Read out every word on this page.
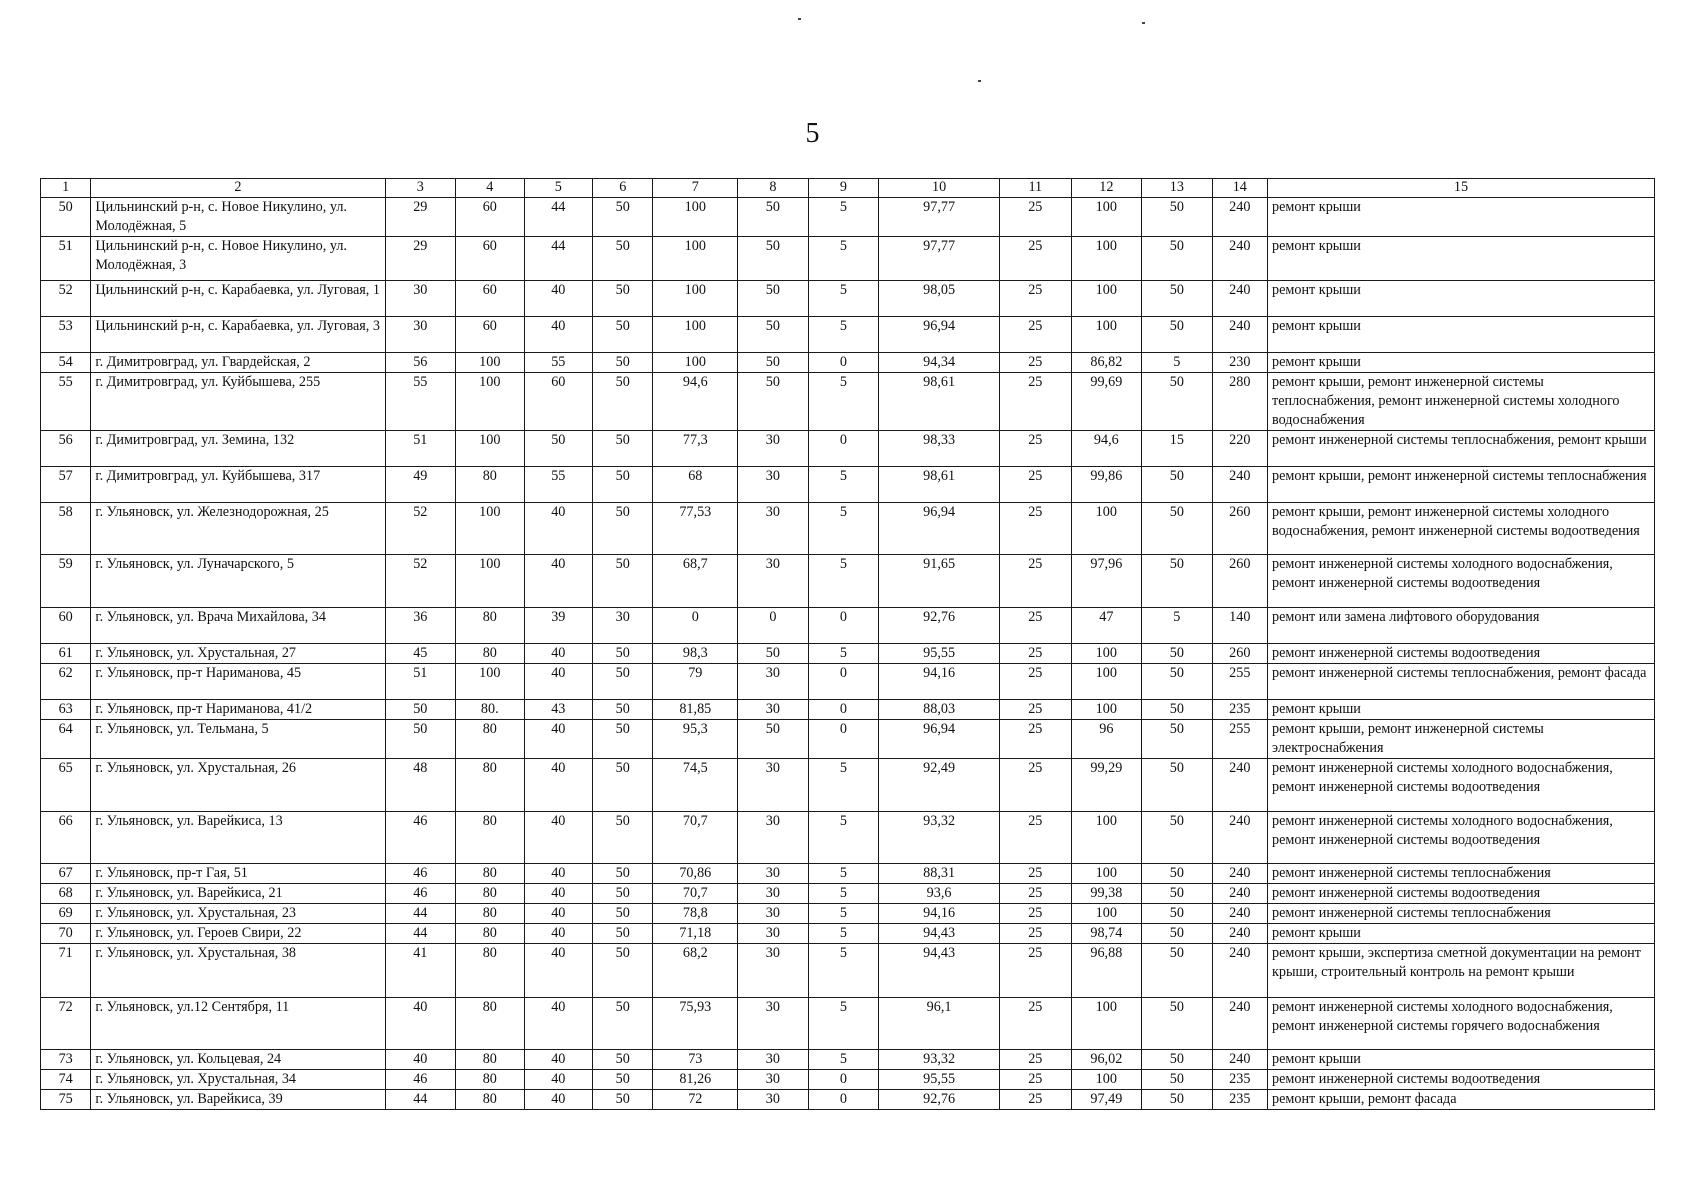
5
1	2	3	4	5	6	7	8	9	10	11	12	13	14	15
50	Цильнинский р-н, с. Новое Никулино, ул. Молодёжная, 5	29	60	44	50	100	50	5	97,77	25	100	50	240	ремонт крыши
51	Цильнинский р-н, с. Новое Никулино, ул. Молодёжная, 3	29	60	44	50	100	50	5	97,77	25	100	50	240	ремонт крыши
52	Цильнинский р-н, с. Карабаевка, ул. Луговая, 1	30	60	40	50	100	50	5	98,05	25	100	50	240	ремонт крыши
53	Цильнинский р-н, с. Карабаевка, ул. Луговая, 3	30	60	40	50	100	50	5	96,94	25	100	50	240	ремонт крыши
54	г. Димитровград, ул. Гвардейская, 2	56	100	55	50	100	50	0	94,34	25	86,82	5	230	ремонт крыши
55	г. Димитровград, ул. Куйбышева, 255	55	100	60	50	94,6	50	5	98,61	25	99,69	50	280	ремонт крыши, ремонт инженерной системы теплоснабжения, ремонт инженерной системы холодного водоснабжения
56	г. Димитровград, ул. Земина, 132	51	100	50	50	77,3	30	0	98,33	25	94,6	15	220	ремонт инженерной системы теплоснабжения, ремонт крыши
57	г. Димитровград, ул. Куйбышева, 317	49	80	55	50	68	30	5	98,61	25	99,86	50	240	ремонт крыши, ремонт инженерной системы теплоснабжения
58	г. Ульяновск, ул. Железнодорожная, 25	52	100	40	50	77,53	30	5	96,94	25	100	50	260	ремонт крыши, ремонт инженерной системы холодного водоснабжения, ремонт инженерной системы водоотведения
59	г. Ульяновск, ул. Луначарского, 5	52	100	40	50	68,7	30	5	91,65	25	97,96	50	260	ремонт инженерной системы холодного водоснабжения, ремонт инженерной системы водоотведения
60	г. Ульяновск, ул. Врача Михайлова, 34	36	80	39	30	0	0	0	92,76	25	47	5	140	ремонт или замена лифтового оборудования
61	г. Ульяновск, ул. Хрустальная, 27	45	80	40	50	98,3	50	5	95,55	25	100	50	260	ремонт инженерной системы водоотведения
62	г. Ульяновск, пр-т Нариманова, 45	51	100	40	50	79	30	0	94,16	25	100	50	255	ремонт инженерной системы теплоснабжения, ремонт фасада
63	г. Ульяновск, пр-т Нариманова, 41/2	50	80.	43	50	81,85	30	0	88,03	25	100	50	235	ремонт крыши
64	г. Ульяновск, ул. Тельмана, 5	50	80	40	50	95,3	50	0	96,94	25	96	50	255	ремонт крыши, ремонт инженерной системы электроснабжения
65	г. Ульяновск, ул. Хрустальная, 26	48	80	40	50	74,5	30	5	92,49	25	99,29	50	240	ремонт инженерной системы холодного водоснабжения, ремонт инженерной системы водоотведения
66	г. Ульяновск, ул. Варейкиса, 13	46	80	40	50	70,7	30	5	93,32	25	100	50	240	ремонт инженерной системы холодного водоснабжения, ремонт инженерной системы водоотведения
67	г. Ульяновск, пр-т Гая, 51	46	80	40	50	70,86	30	5	88,31	25	100	50	240	ремонт инженерной системы теплоснабжения
68	г. Ульяновск, ул. Варейкиса, 21	46	80	40	50	70,7	30	5	93,6	25	99,38	50	240	ремонт инженерной системы водоотведения
69	г. Ульяновск, ул. Хрустальная, 23	44	80	40	50	78,8	30	5	94,16	25	100	50	240	ремонт инженерной системы теплоснабжения
70	г. Ульяновск, ул. Героев Свири, 22	44	80	40	50	71,18	30	5	94,43	25	98,74	50	240	ремонт крыши
71	г. Ульяновск, ул. Хрустальная, 38	41	80	40	50	68,2	30	5	94,43	25	96,88	50	240	ремонт крыши, экспертиза сметной документации на ремонт крыши, строительный контроль на ремонт крыши
72	г. Ульяновск, ул.12 Сентября, 11	40	80	40	50	75,93	30	5	96,1	25	100	50	240	ремонт инженерной системы холодного водоснабжения, ремонт инженерной системы горячего водоснабжения
73	г. Ульяновск, ул. Кольцевая, 24	40	80	40	50	73	30	5	93,32	25	96,02	50	240	ремонт крыши
74	г. Ульяновск, ул. Хрустальная, 34	46	80	40	50	81,26	30	0	95,55	25	100	50	235	ремонт инженерной системы водоотведения
75	г. Ульяновск, ул. Варейкиса, 39	44	80	40	50	72	30	0	92,76	25	97,49	50	235	ремонт крыши, ремонт фасада
